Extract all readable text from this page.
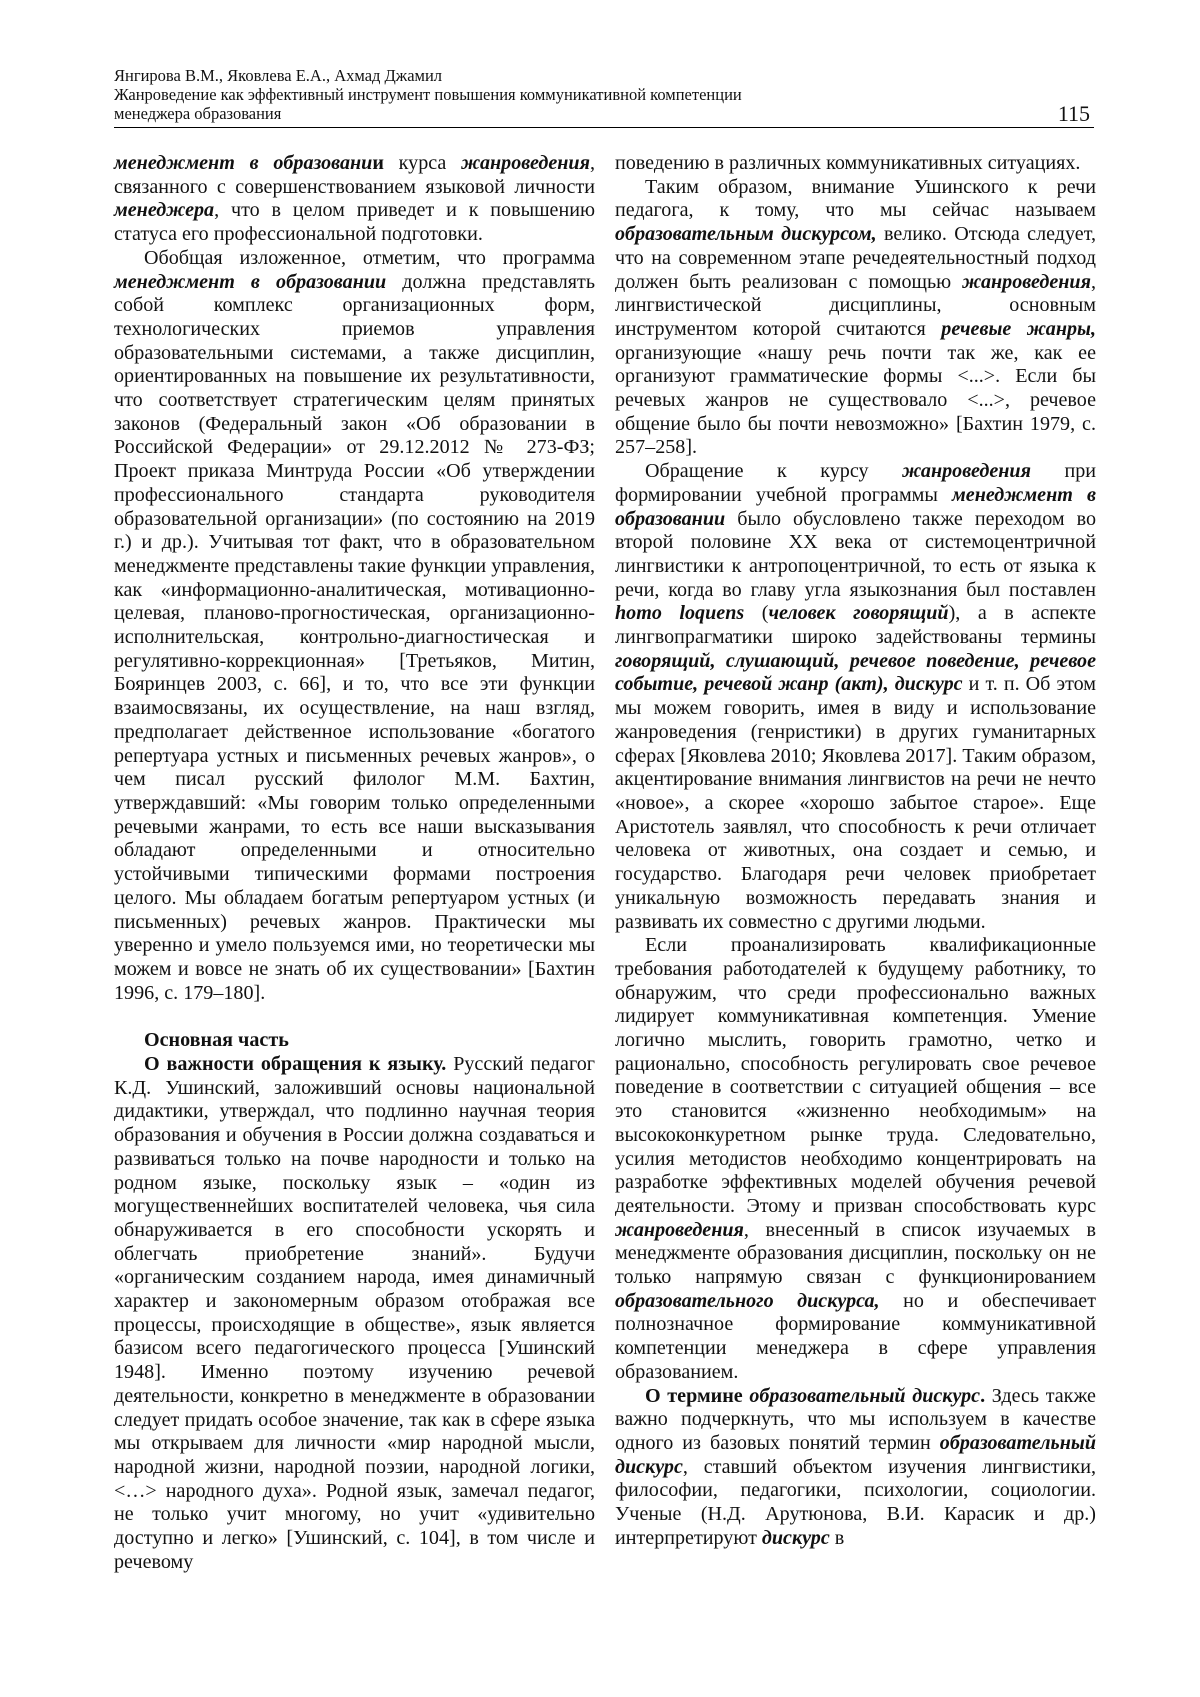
Янгирова В.М., Яковлева Е.А., Ахмад Джамил
Жанроведение как эффективный инструмент повышения коммуникативной компетенции
менеджера образования	115

менеджмент в образовании курса жанроведения, связанного с совершенствованием языковой личности менеджера, что в целом приведет и к повышению статуса его профессиональной подготовки.

Обобщая изложенное, отметим, что программа менеджмент в образовании должна представлять собой комплекс организационных форм, технологических приемов управления образовательными системами, а также дисциплин, ориентированных на повышение их результативности, что соответствует стратегическим целям принятых законов (Федеральный закон «Об образовании в Российской Федерации» от 29.12.2012 № 273-ФЗ; Проект приказа Минтруда России «Об утверждении профессионального стандарта руководителя образовательной организации» (по состоянию на 2019 г.) и др.). Учитывая тот факт, что в образовательном менеджменте представлены такие функции управления, как «информационно-аналитическая, мотивационно-целевая, планово-прогностическая, организационно-исполнительская, контрольно-диагностическая и регулятивно-коррекционная» [Третьяков, Митин, Бояринцев 2003, с. 66], и то, что все эти функции взаимосвязаны, их осуществление, на наш взгляд, предполагает действенное использование «богатого репертуара устных и письменных речевых жанров», о чем писал русский филолог М.М. Бахтин, утверждавший: «Мы говорим только определенными речевыми жанрами, то есть все наши высказывания обладают определенными и относительно устойчивыми типическими формами построения целого. Мы обладаем богатым репертуаром устных (и письменных) речевых жанров. Практически мы уверенно и умело пользуемся ими, но теоретически мы можем и вовсе не знать об их существовании» [Бахтин 1996, с. 179–180].

Основная часть

О важности обращения к языку. Русский педагог К.Д. Ушинский, заложивший основы национальной дидактики, утверждал, что подлинно научная теория образования и обучения в России должна создаваться и развиваться только на почве народности и только на родном языке, поскольку язык – «один из могущественнейших воспитателей человека, чья сила обнаруживается в его способности ускорять и облегчать приобретение знаний». Будучи «органическим созданием народа, имея динамичный характер и закономерным образом отображая все процессы, происходящие в обществе», язык является базисом всего педагогического процесса [Ушинский 1948]. Именно поэтому изучению речевой деятельности, конкретно в менеджменте в образовании следует придать особое значение, так как в сфере языка мы открываем для личности «мир народной мысли, народной жизни, народной поэзии, народной логики, <…> народного духа». Родной язык, замечал педагог, не только учит многому, но учит «удивительно доступно и легко» [Ушинский, с. 104], в том числе и речевому

поведению в различных коммуникативных ситуациях.

Таким образом, внимание Ушинского к речи педагога, к тому, что мы сейчас называем образовательным дискурсом, велико. Отсюда следует, что на современном этапе речедеятельностный подход должен быть реализован с помощью жанроведения, лингвистической дисциплины, основным инструментом которой считаются речевые жанры, организующие «нашу речь почти так же, как ее организуют грамматические формы <...>. Если бы речевых жанров не существовало <...>, речевое общение было бы почти невозможно» [Бахтин 1979, с. 257–258].

Обращение к курсу жанроведения при формировании учебной программы менеджмент в образовании было обусловлено также переходом во второй половине XX века от системоцентричной лингвистики к антропоцентричной, то есть от языка к речи, когда во главу угла языкознания был поставлен homo loquens (человек говорящий), а в аспекте лингвопрагматики широко задействованы термины говорящий, слушающий, речевое поведение, речевое событие, речевой жанр (акт), дискурс и т. п. Об этом мы можем говорить, имея в виду и использование жанроведения (генристики) в других гуманитарных сферах [Яковлева 2010; Яковлева 2017]. Таким образом, акцентирование внимания лингвистов на речи не нечто «новое», а скорее «хорошо забытое старое». Еще Аристотель заявлял, что способность к речи отличает человека от животных, она создает и семью, и государство. Благодаря речи человек приобретает уникальную возможность передавать знания и развивать их совместно с другими людьми.

Если проанализировать квалификационные требования работодателей к будущему работнику, то обнаружим, что среди профессионально важных лидирует коммуникативная компетенция. Умение логично мыслить, говорить грамотно, четко и рационально, способность регулировать свое речевое поведение в соответствии с ситуацией общения – все это становится «жизненно необходимым» на высококонкуретном рынке труда. Следовательно, усилия методистов необходимо концентрировать на разработке эффективных моделей обучения речевой деятельности. Этому и призван способствовать курс жанроведения, внесенный в список изучаемых в менеджменте образования дисциплин, поскольку он не только напрямую связан с функционированием образовательного дискурса, но и обеспечивает полнозначное формирование коммуникативной компетенции менеджера в сфере управления образованием.

О термине образовательный дискурс. Здесь также важно подчеркнуть, что мы используем в качестве одного из базовых понятий термин образовательный дискурс, ставший объектом изучения лингвистики, философии, педагогики, психологии, социологии. Ученые (Н.Д. Арутюнова, В.И. Карасик и др.) интерпретируют дискурс в
